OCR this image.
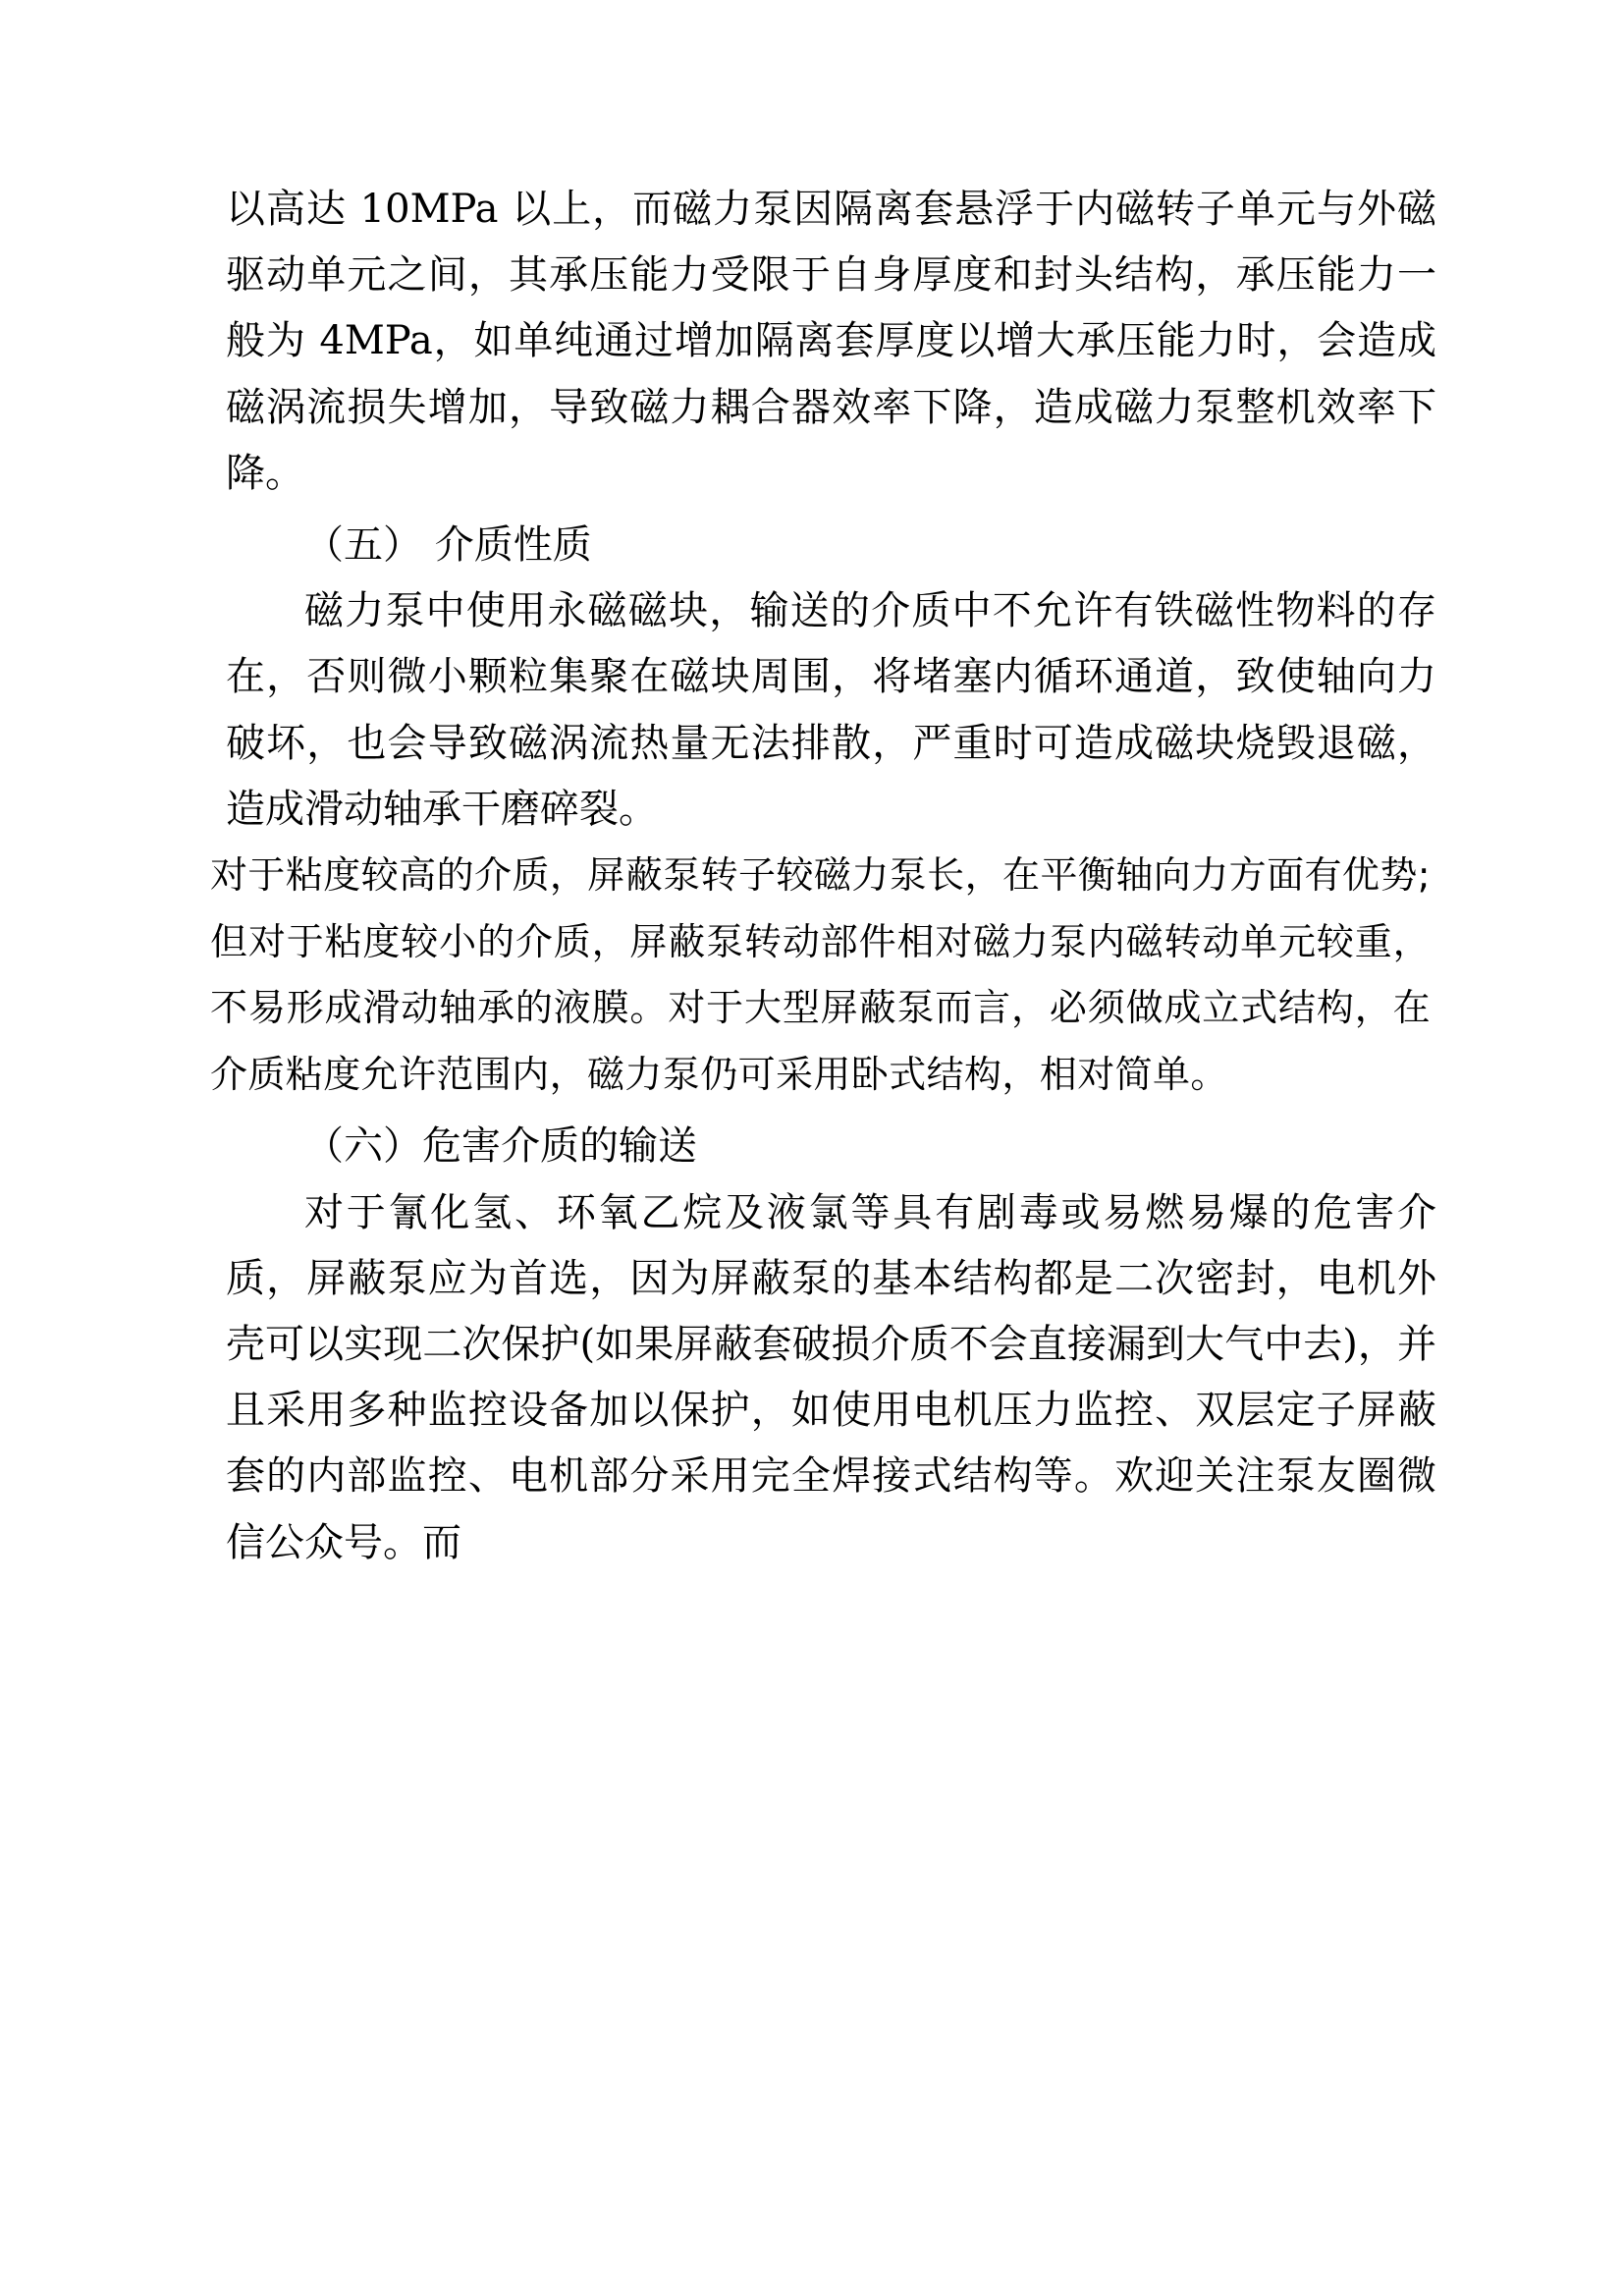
以高达 10MPa 以上，而磁力泵因隔离套悬浮于内磁转子单元与外磁驱动单元之间，其承压能力受限于自身厚度和封头结构，承压能力一般为 4MPa，如单纯通过增加隔离套厚度以增大承压能力时，会造成磁涡流损失增加，导致磁力耦合器效率下降，造成磁力泵整机效率下降。

（五） 介质性质

磁力泵中使用永磁磁块，输送的介质中不允许有铁磁性物料的存在，否则微小颗粒集聚在磁块周围，将堵塞内循环通道，致使轴向力破坏，也会导致磁涡流热量无法排散，严重时可造成磁块烧毁退磁，造成滑动轴承干磨碎裂。

对于粘度较高的介质，屏蔽泵转子较磁力泵长，在平衡轴向力方面有优势;但对于粘度较小的介质，屏蔽泵转动部件相对磁力泵内磁转动单元较重，不易形成滑动轴承的液膜。对于大型屏蔽泵而言，必须做成立式结构，在介质粘度允许范围内，磁力泵仍可采用卧式结构，相对简单。

（六）危害介质的输送

对于氰化氢、环氧乙烷及液氯等具有剧毒或易燃易爆的危害介质，屏蔽泵应为首选，因为屏蔽泵的基本结构都是二次密封，电机外壳可以实现二次保护(如果屏蔽套破损介质不会直接漏到大气中去)，并且采用多种监控设备加以保护，如使用电机压力监控、双层定子屏蔽套的内部监控、电机部分采用完全焊接式结构等。欢迎关注泵友圈微信公众号。而
